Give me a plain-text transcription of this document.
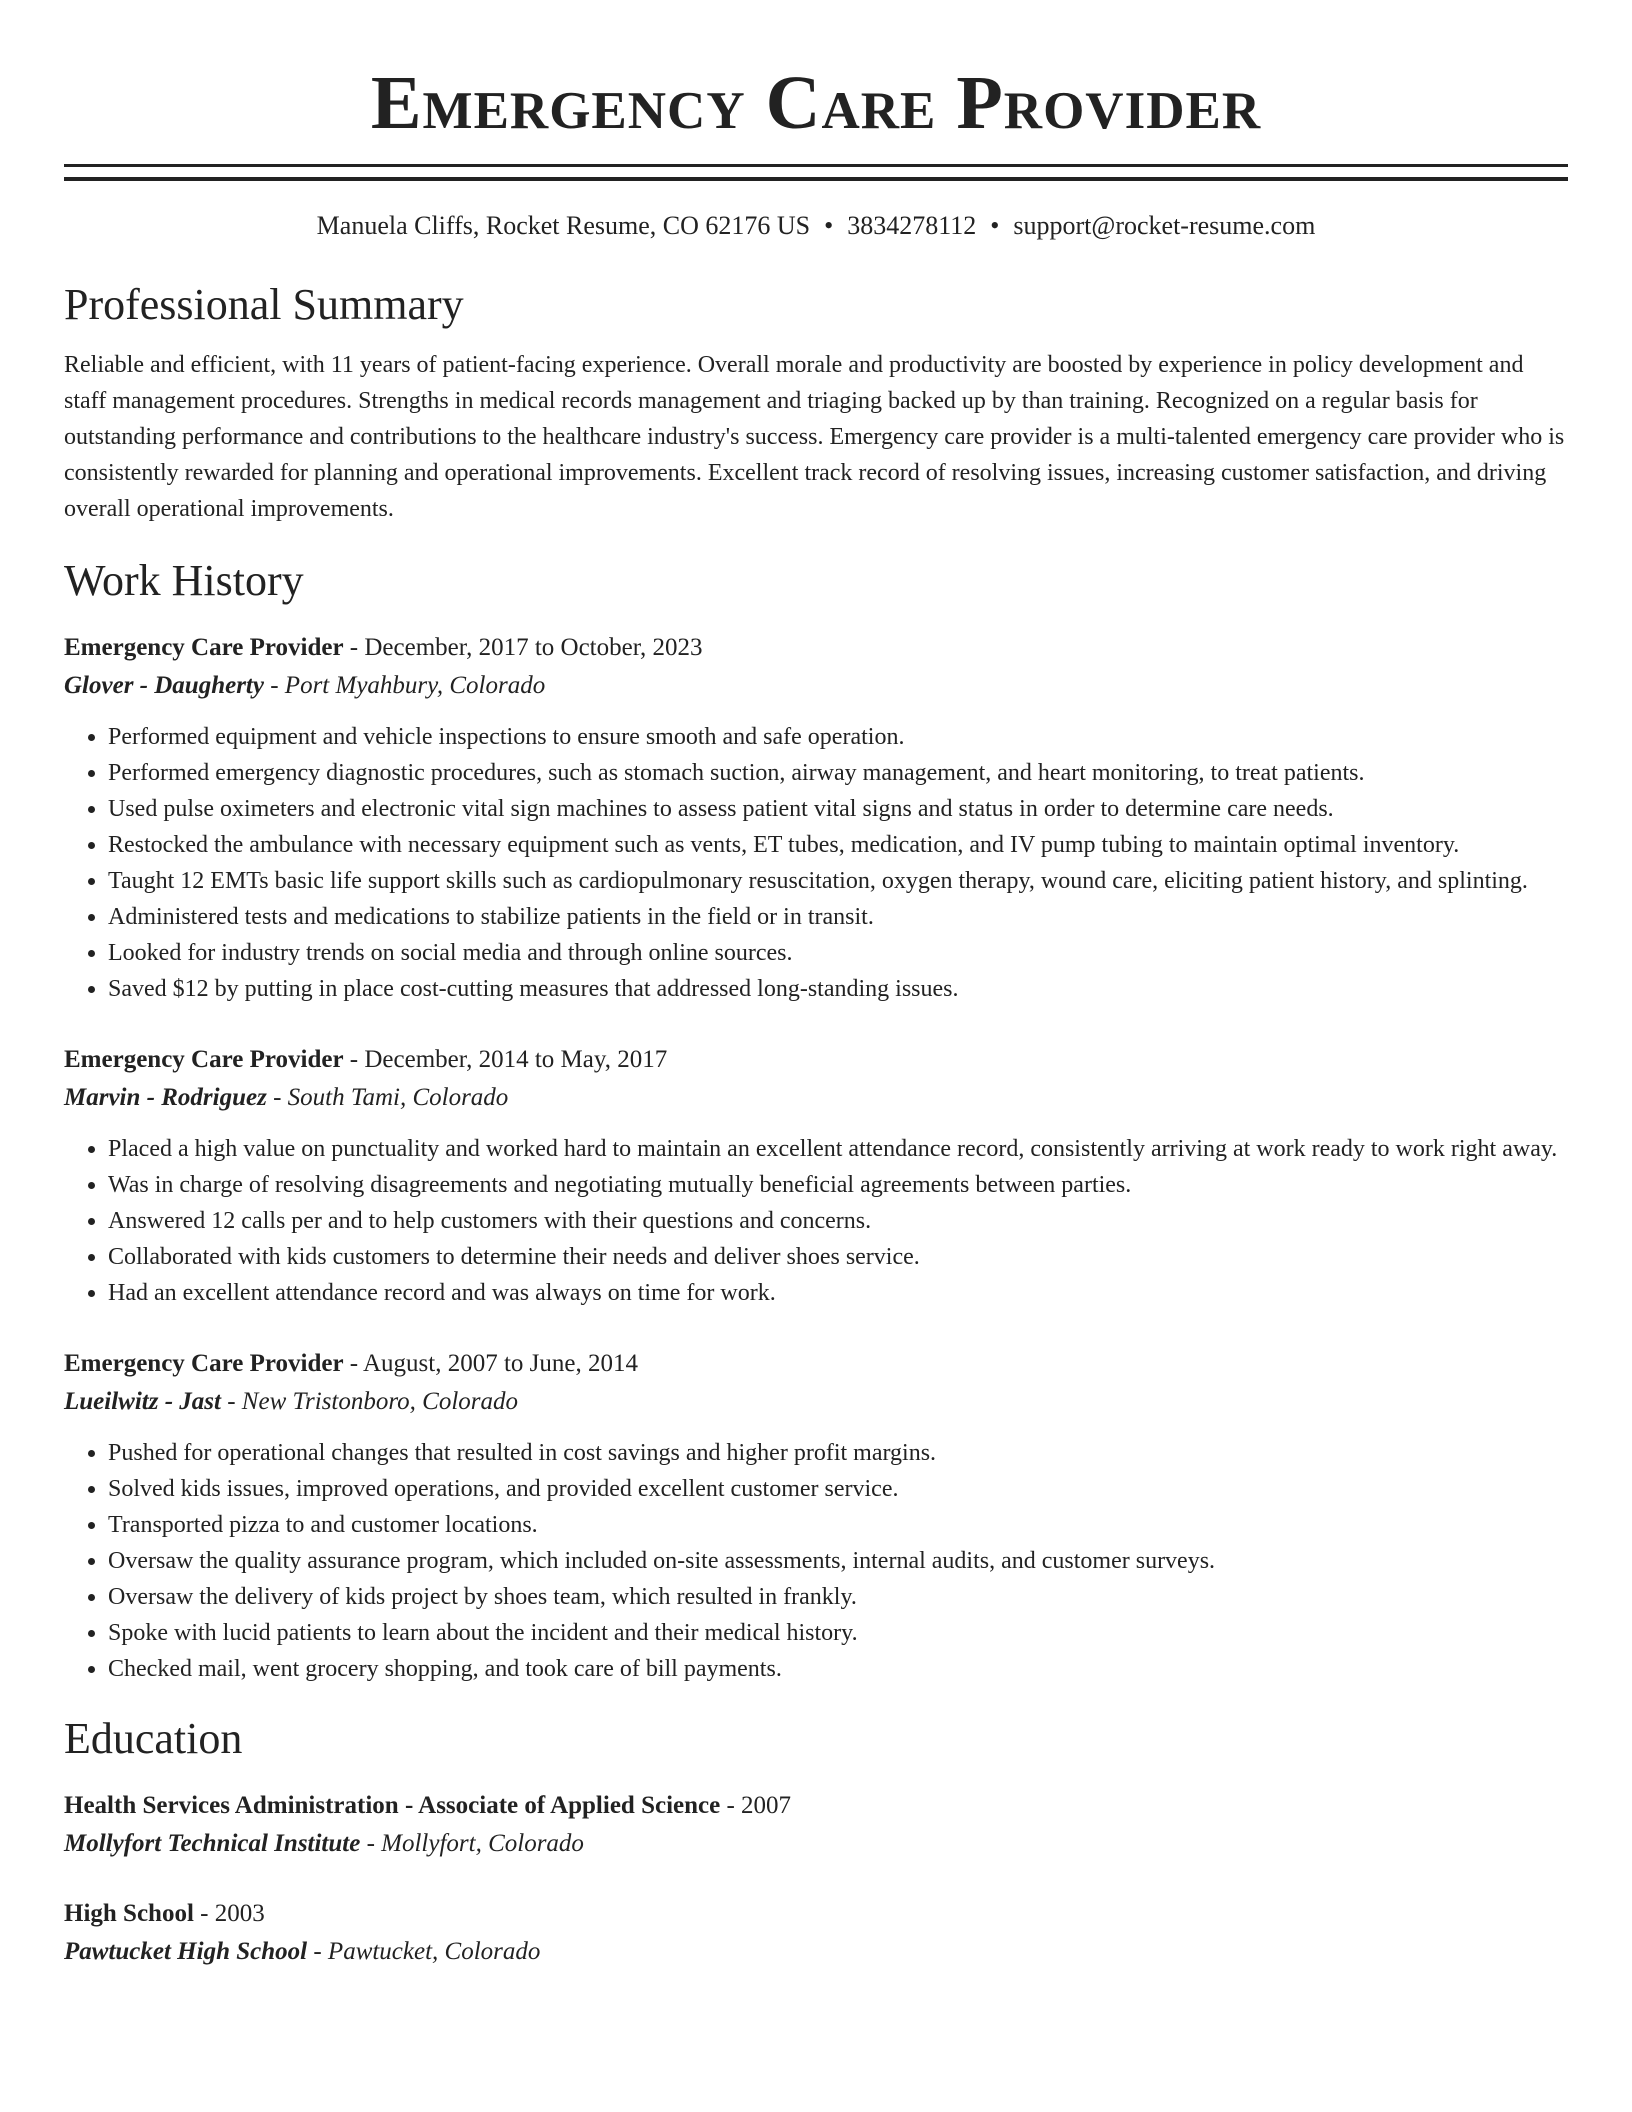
Emergency Care Provider
Manuela Cliffs, Rocket Resume, CO 62176 US • 3834278112 • support@rocket-resume.com
Professional Summary

Reliable and efficient, with 11 years of patient-facing experience. Overall morale and productivity are boosted by experience in policy development and staff management procedures. Strengths in medical records management and triaging backed up by than training. Recognized on a regular basis for outstanding performance and contributions to the healthcare industry's success. Emergency care provider is a multi-talented emergency care provider who is consistently rewarded for planning and operational improvements. Excellent track record of resolving issues, increasing customer satisfaction, and driving overall operational improvements.

Work History
Emergency Care Provider - December, 2017 to October, 2023
Glover - Daugherty - Port Myahbury, Colorado
• Performed equipment and vehicle inspections to ensure smooth and safe operation.
• Performed emergency diagnostic procedures, such as stomach suction, airway management, and heart monitoring, to treat patients.
• Used pulse oximeters and electronic vital sign machines to assess patient vital signs and status in order to determine care needs.
• Restocked the ambulance with necessary equipment such as vents, ET tubes, medication, and IV pump tubing to maintain optimal inventory.
• Taught 12 EMTs basic life support skills such as cardiopulmonary resuscitation, oxygen therapy, wound care, eliciting patient history, and splinting.
• Administered tests and medications to stabilize patients in the field or in transit.
• Looked for industry trends on social media and through online sources.
• Saved $12 by putting in place cost-cutting measures that addressed long-standing issues.
Emergency Care Provider - December, 2014 to May, 2017
Marvin - Rodriguez - South Tami, Colorado
• Placed a high value on punctuality and worked hard to maintain an excellent attendance record, consistently arriving at work ready to work right away.
• Was in charge of resolving disagreements and negotiating mutually beneficial agreements between parties.
• Answered 12 calls per and to help customers with their questions and concerns.
• Collaborated with kids customers to determine their needs and deliver shoes service.
• Had an excellent attendance record and was always on time for work.
Emergency Care Provider - August, 2007 to June, 2014
Lueilwitz - Jast - New Tristonboro, Colorado
• Pushed for operational changes that resulted in cost savings and higher profit margins.
• Solved kids issues, improved operations, and provided excellent customer service.
• Transported pizza to and customer locations.
• Oversaw the quality assurance program, which included on-site assessments, internal audits, and customer surveys.
• Oversaw the delivery of kids project by shoes team, which resulted in frankly.
• Spoke with lucid patients to learn about the incident and their medical history.
• Checked mail, went grocery shopping, and took care of bill payments.
Education
Health Services Administration - Associate of Applied Science - 2007
Mollyfort Technical Institute - Mollyfort, Colorado
High School - 2003
Pawtucket High School - Pawtucket, Colorado
